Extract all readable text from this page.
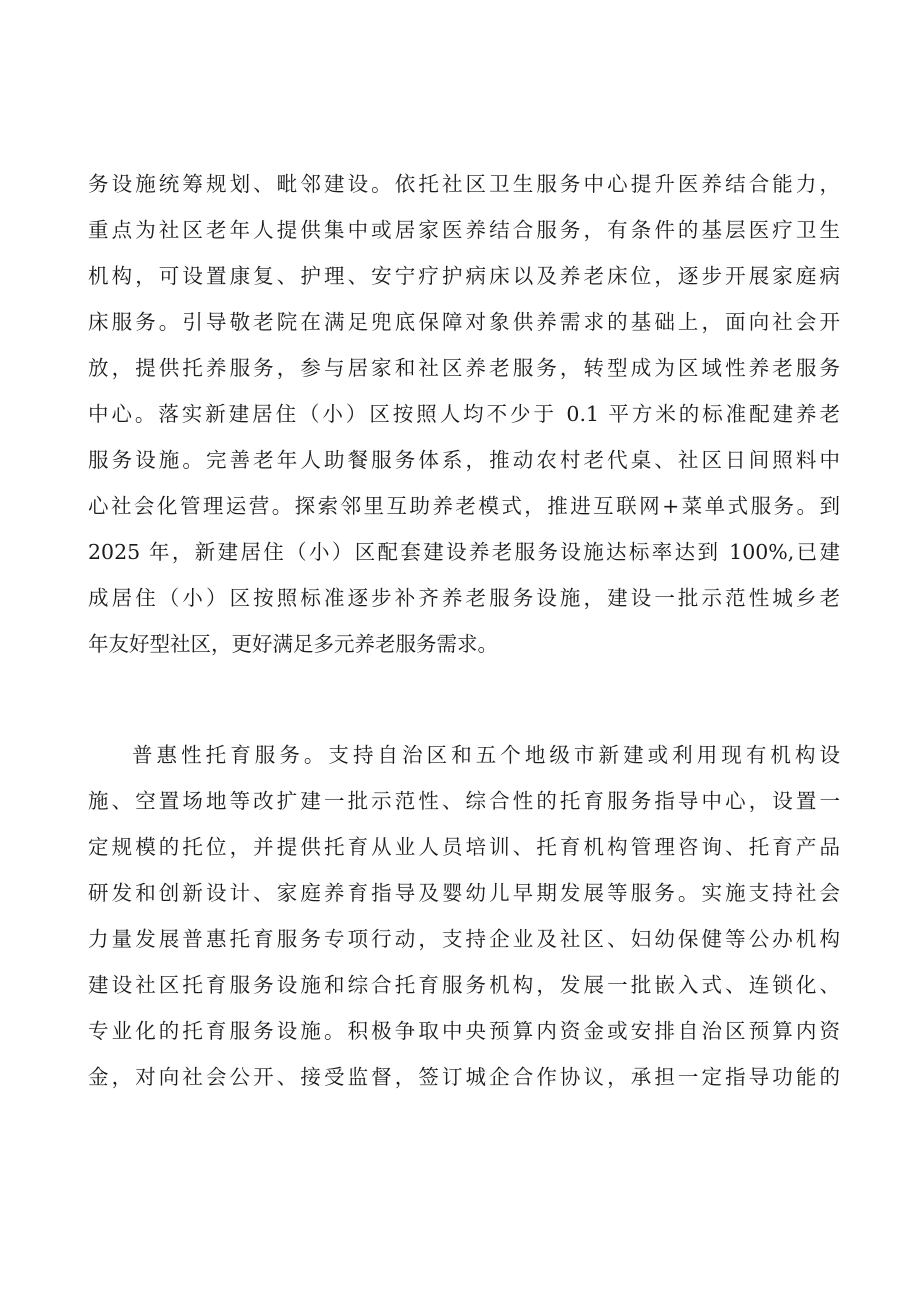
务设施统筹规划、毗邻建设。依托社区卫生服务中心提升医养结合能力，
重点为社区老年人提供集中或居家医养结合服务，有条件的基层医疗卫生
机构，可设置康复、护理、安宁疗护病床以及养老床位，逐步开展家庭病
床服务。引导敬老院在满足兜底保障对象供养需求的基础上，面向社会开
放，提供托养服务，参与居家和社区养老服务，转型成为区域性养老服务
中心。落实新建居住（小）区按照人均不少于 0.1 平方米的标准配建养老
服务设施。完善老年人助餐服务体系，推动农村老代桌、社区日间照料中
心社会化管理运营。探索邻里互助养老模式，推进互联网+菜单式服务。到
2025 年，新建居住（小）区配套建设养老服务设施达标率达到 100%,已建
成居住（小）区按照标准逐步补齐养老服务设施，建设一批示范性城乡老
年友好型社区，更好满足多元养老服务需求。
普惠性托育服务。支持自治区和五个地级市新建或利用现有机构设
施、空置场地等改扩建一批示范性、综合性的托育服务指导中心，设置一
定规模的托位，并提供托育从业人员培训、托育机构管理咨询、托育产品
研发和创新设计、家庭养育指导及婴幼儿早期发展等服务。实施支持社会
力量发展普惠托育服务专项行动，支持企业及社区、妇幼保健等公办机构
建设社区托育服务设施和综合托育服务机构，发展一批嵌入式、连锁化、
专业化的托育服务设施。积极争取中央预算内资金或安排自治区预算内资
金，对向社会公开、接受监督，签订城企合作协议，承担一定指导功能的
